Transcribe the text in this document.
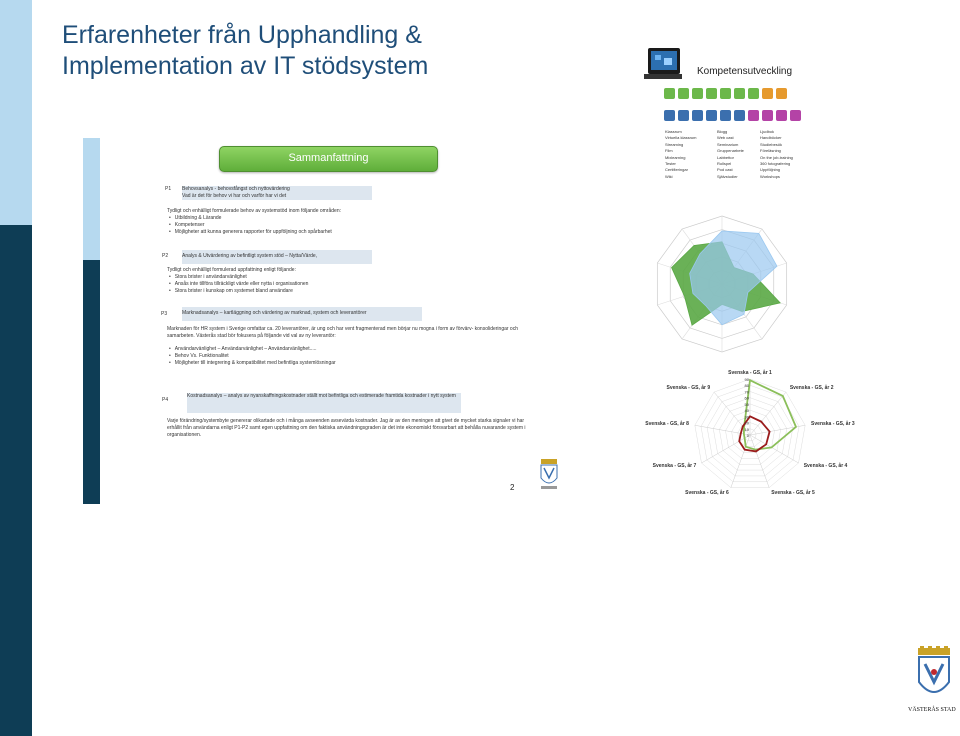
Erfarenheter från Upphandling &
Implementation av IT stödsystem
Sammanfattning
P1 Behovsanalys - behovsfångst och nyttovärdering
Vad är det för behov vi har och varför har vi det
Tydligt och enhälligt formulerade behov av systemstöd inom följande områden:
• Utbildning & Lärande
• Kompetenser
• Möjligheter att kunna generera rapporter för uppföljning och spårbarhet
P2	Analys & Utvärdering av befintligt system stöd – Nytta/Värde,
Tydligt och enhälligt formulerad uppfattning enligt följande:
• Stora brister i användarvänlighet
• Ansås inte tillföra tillräckligt värde eller nytta i organisationen
• Stora brister i kunskap om systemet bland användare
P3	Marknadsanalys – kartläggning och värdering av marknad, system och leverantörer
Marknaden för HR system i Sverige omfattar ca. 20 leverantörer, är ung och har vent fragmenterad men börjar nu mogna i form av förvärv- konsolideringar och samarbeten. Västerås stad bör fokusera på följande vid val av ny leverantör:
• Användarvänlighet – Användarvänlighet – Användarvänlighet.....
• Behov Vs. Funktionalitet
• Möjligheter till integrering & kompatibilitet med befintliga systemlösningar
P4
Kostnadsanalys – analys av nyanskaffningskostnader ställt mot befintliga och estimerade framtida kostnader i nytt system
Varje förändring/systembyte genererar olikartade och i många avseenden avsevärda kostnader. Jag är av den meningen att givet de mycket starka signaler vi har erhållit från användarna enligt P1-P2 samt egen uppfattning om den faktiska användningsgraden är det inte ekonomiskt försvarbart att behålla nuvarande system i organisationen.
2
Kompetensutveckling
Klassrum
Virtuella klassrum
Streaming
Film
Mixlearning
Tester
Certifieringar
Wiki
Blogg
Web cast
Seminarium
Gruppenarbete
Labbettor
Rollspel
Pod cast
Självstudier
Ljudbok
Handböcker
Studiebesök
Föreläsning
On the job-training
360 fotografering
Uppföljning
Workshops
90
80
70
60
50
40
30
20
10
0
Svenska - GS, år 1
Svenska - GS, år 2
Svenska - GS, år 3
Svenska - GS, år 4
Svenska - GS, år 5
Svenska - GS, år 6
Svenska - GS, år 7
Svenska - GS, år 8
Svenska - GS, år 9
VÄSTERÅS STAD
